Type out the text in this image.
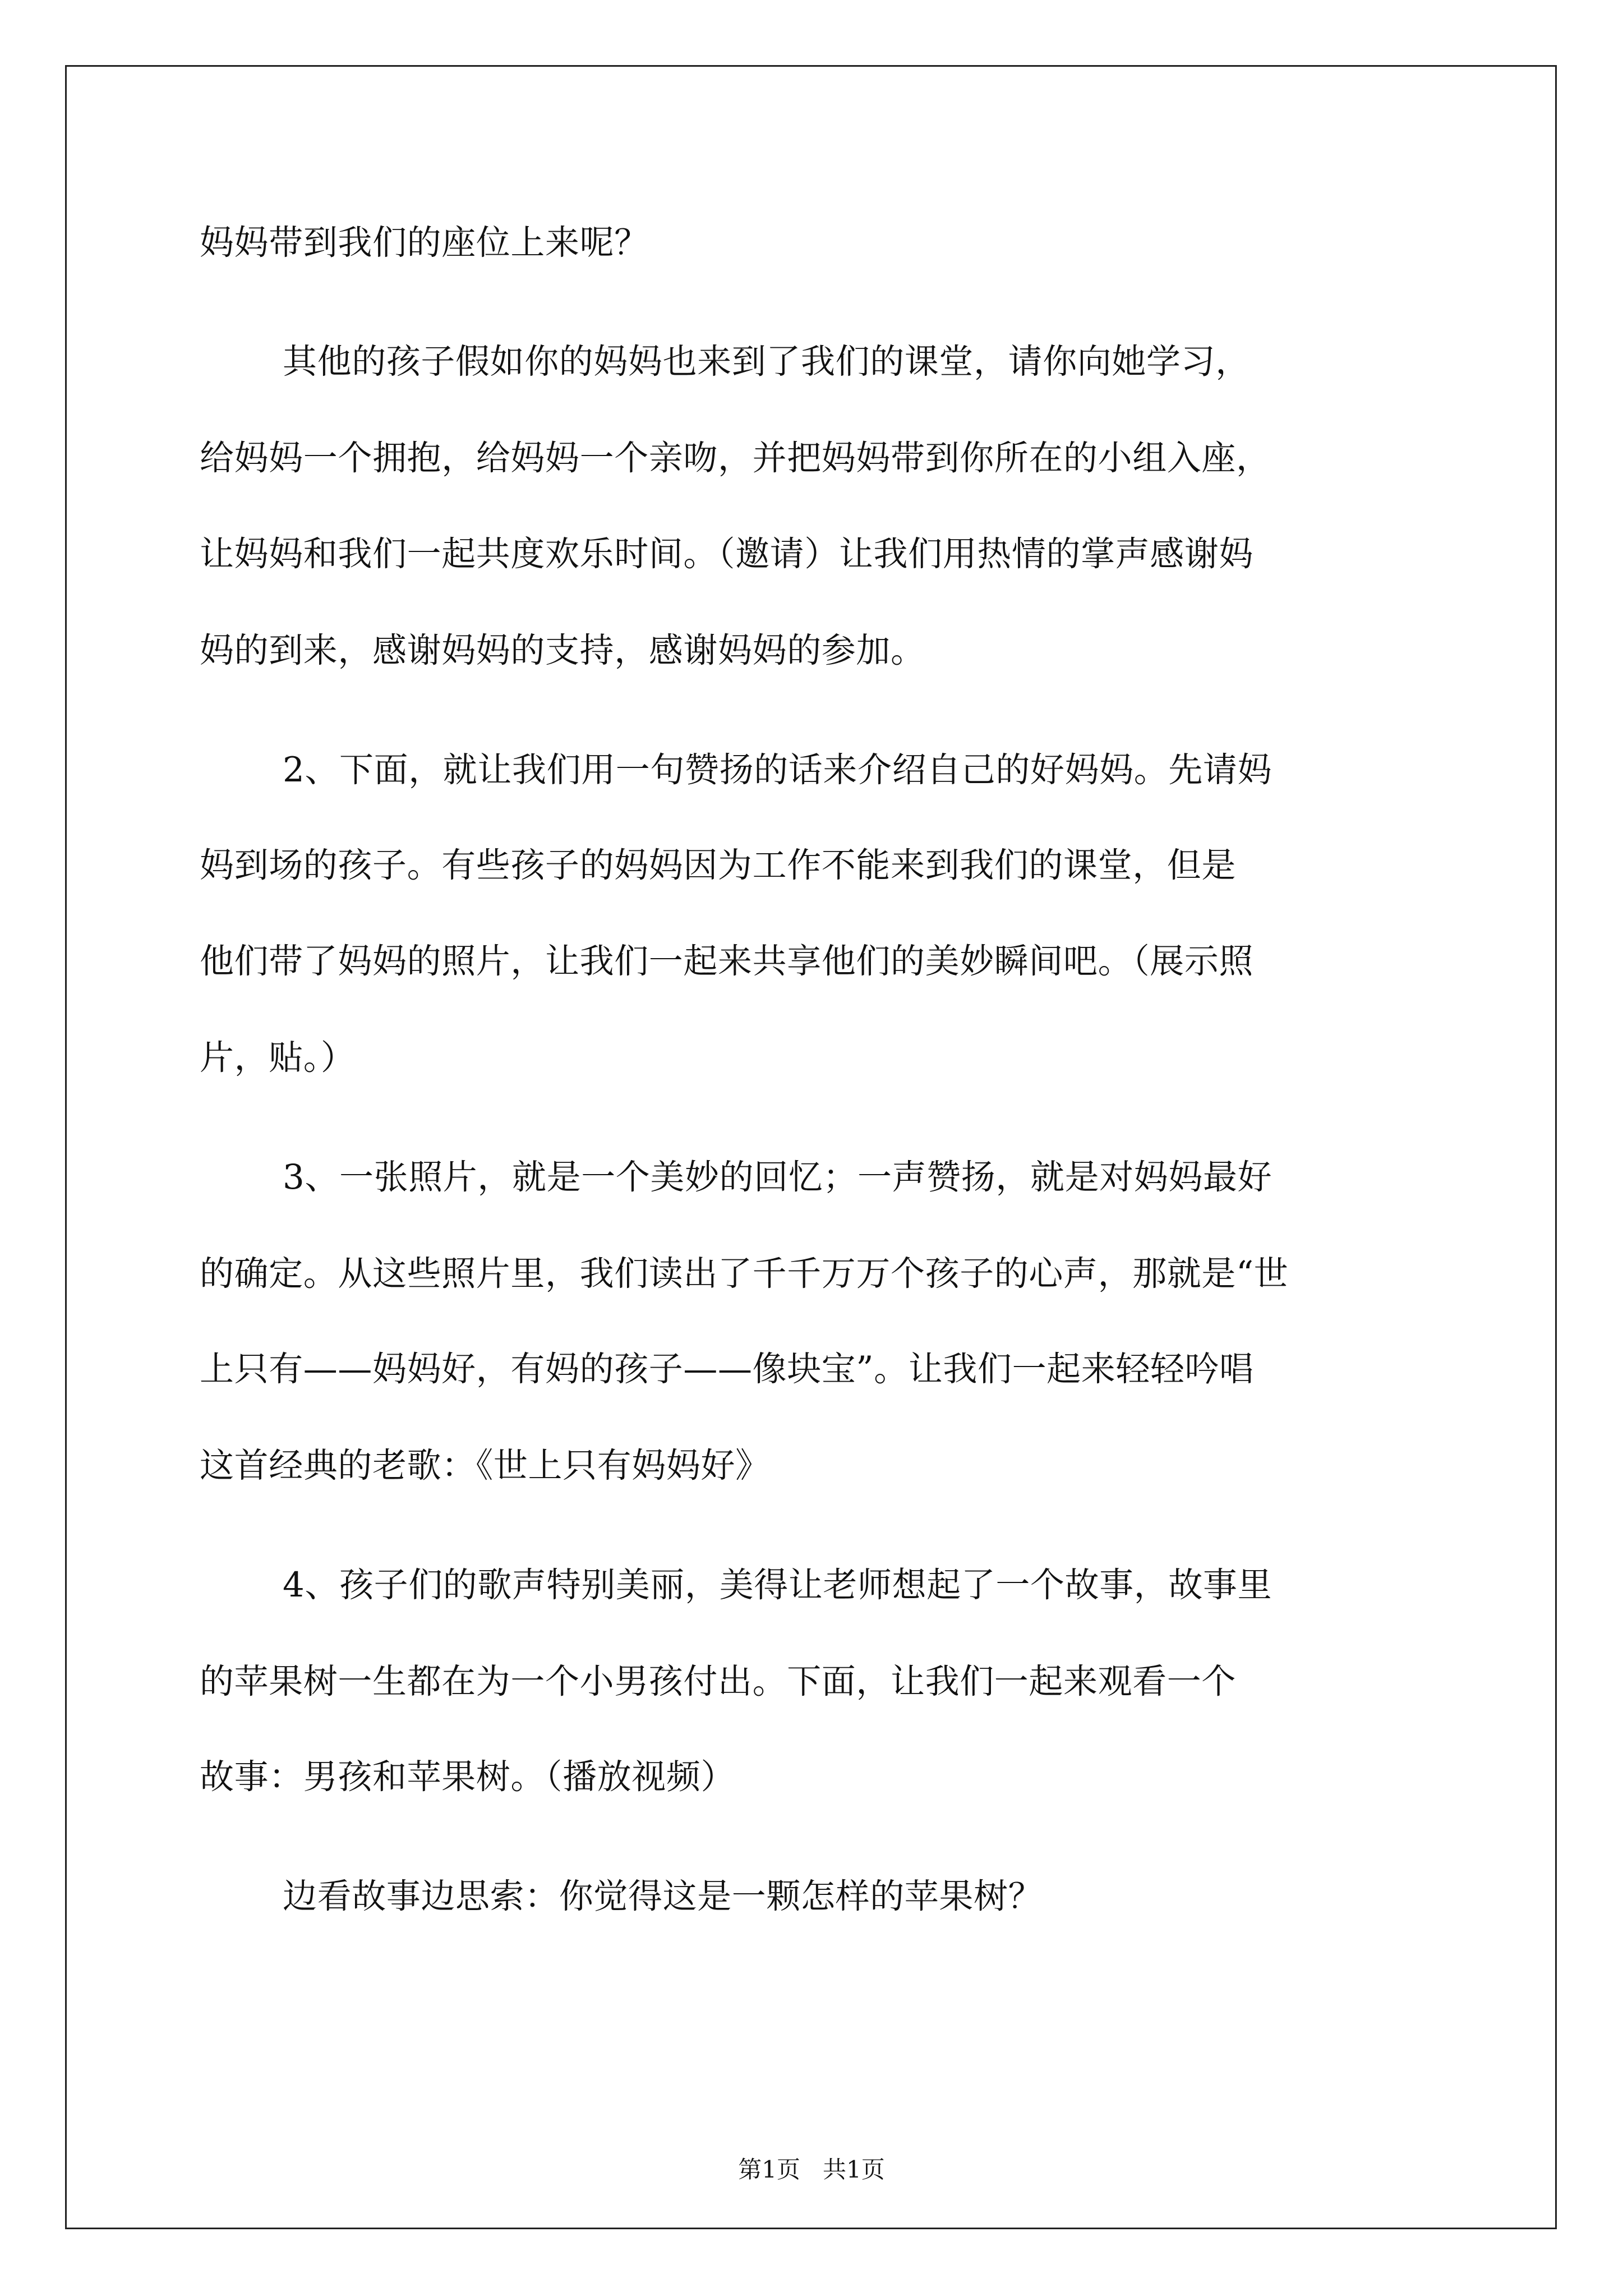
妈妈带到我们的座位上来呢？
其他的孩子假如你的妈妈也来到了我们的课堂，请你向她学习，
给妈妈一个拥抱，给妈妈一个亲吻，并把妈妈带到你所在的小组入座，
让妈妈和我们一起共度欢乐时间。（邀请）让我们用热情的掌声感谢妈
妈的到来，感谢妈妈的支持，感谢妈妈的参加。
2、下面，就让我们用一句赞扬的话来介绍自己的好妈妈。先请妈
妈到场的孩子。有些孩子的妈妈因为工作不能来到我们的课堂，但是
他们带了妈妈的照片，让我们一起来共享他们的美妙瞬间吧。（展示照
片，贴。）
3、一张照片，就是一个美妙的回忆；一声赞扬，就是对妈妈最好
的确定。从这些照片里，我们读出了千千万万个孩子的心声，那就是“世
上只有——妈妈好，有妈的孩子——像块宝”。让我们一起来轻轻吟唱
这首经典的老歌：《世上只有妈妈好》
4、孩子们的歌声特别美丽，美得让老师想起了一个故事，故事里
的苹果树一生都在为一个小男孩付出。下面，让我们一起来观看一个
故事：男孩和苹果树。（播放视频）
边看故事边思索：你觉得这是一颗怎样的苹果树？
第1页   共1页
